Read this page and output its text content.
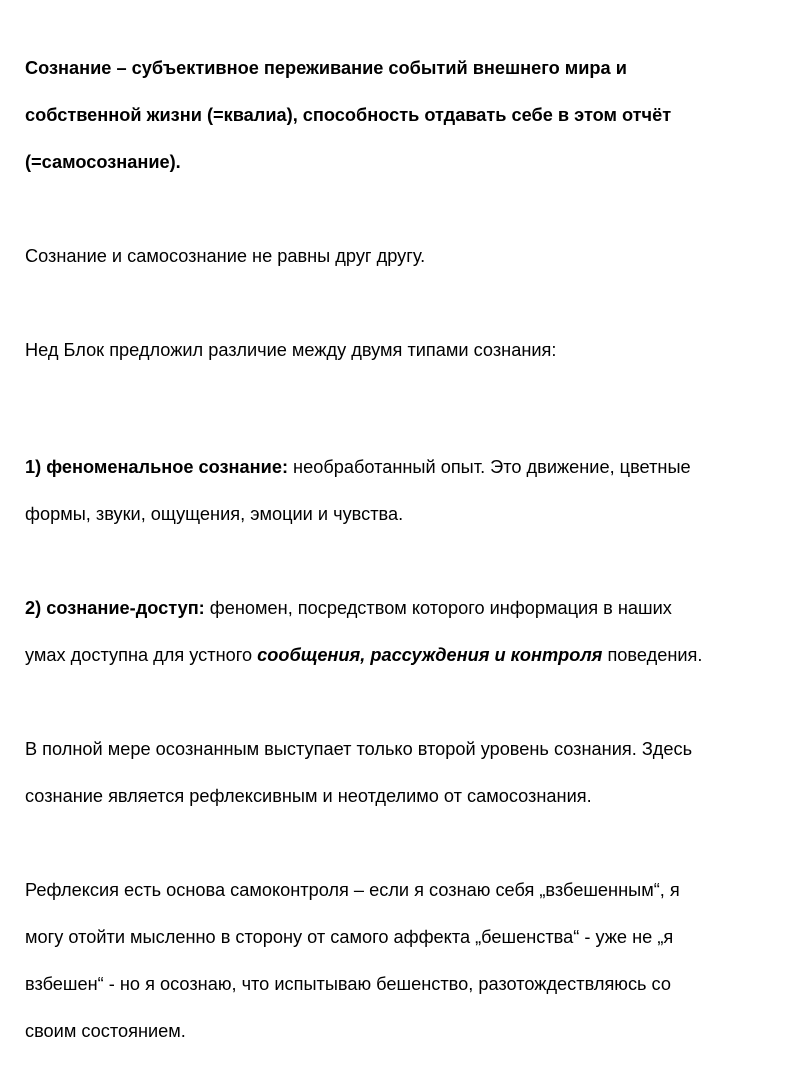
Сознание – субъективное переживание событий внешнего мира и

собственной жизни (=квалиа), способность отдавать себе в этом отчёт

(=самосознание).

Сознание и самосознание не равны друг другу.

Нед Блок предложил различие между двумя типами сознания:

1) феноменальное сознание: необработанный опыт. Это движение, цветные

формы, звуки, ощущения, эмоции и чувства.

2) сознание-доступ: феномен, посредством которого информация в наших

умах доступна для устного сообщения, рассуждения и контроля поведения.

В полной мере осознанным выступает только второй уровень сознания. Здесь

сознание является рефлексивным и неотделимо от самосознания.

Рефлексия есть основа самоконтроля – если я сознаю себя „взбешенным“, я

могу отойти мысленно в сторону от самого аффекта „бешенства“ - уже не „я

взбешен“ - но я осознаю, что испытываю бешенство, разотождествляюсь со

своим состоянием.
